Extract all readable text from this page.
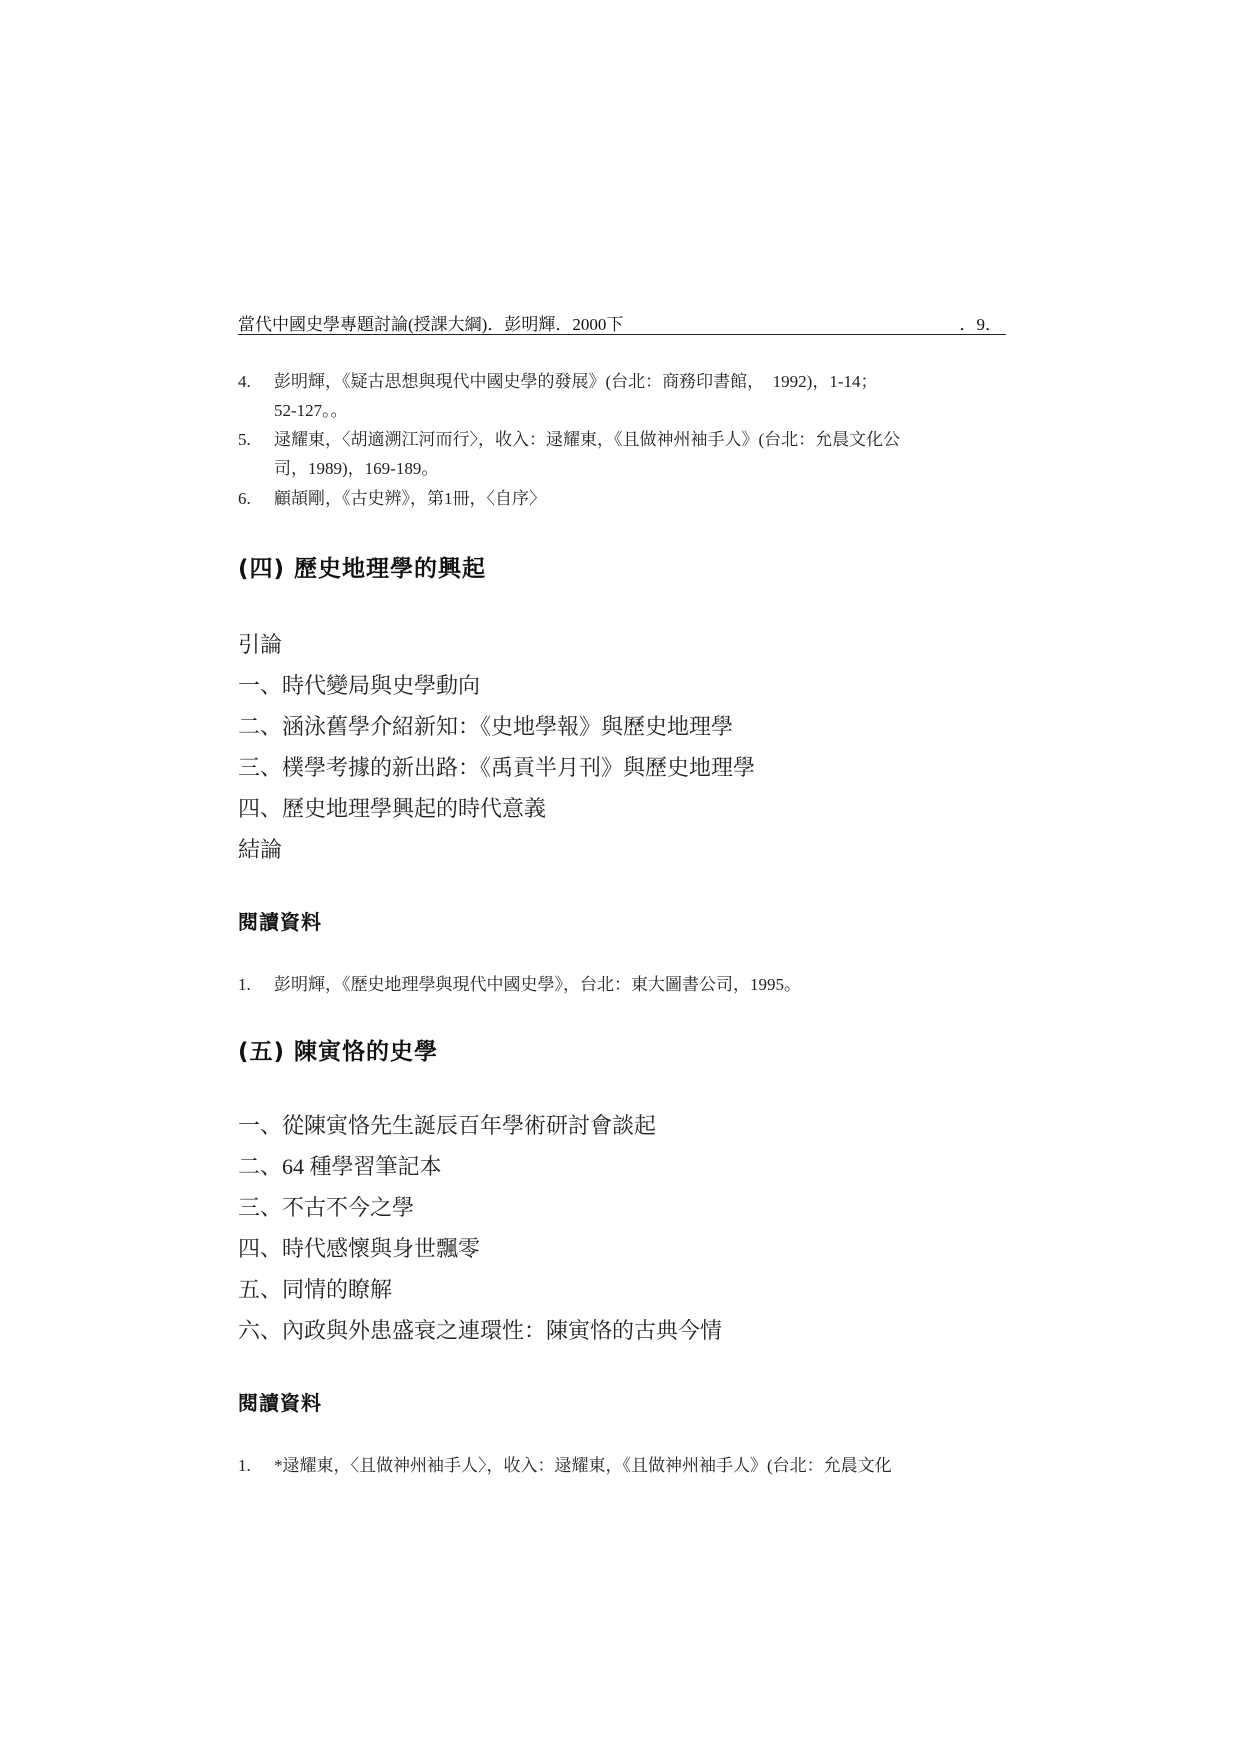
當代中國史學專題討論(授課大綱)．彭明輝．2000下	．9．
4.	彭明輝，《疑古思想與現代中國史學的發展》(台北：商務印書館，　1992)，1-14；
52-127。。
5.	逯耀東，〈胡適溯江河而行〉，收入：逯耀東，《且做神州袖手人》(台北：允晨文化公
司，1989)，169-189。
6.	顧頡剛，《古史辨》，第1冊，〈自序〉
(四) 歷史地理學的興起
引論
一、時代變局與史學動向
二、涵泳舊學介紹新知：《史地學報》與歷史地理學
三、樸學考據的新出路：《禹貢半月刊》與歷史地理學
四、歷史地理學興起的時代意義
結論
閱讀資料
1.	彭明輝，《歷史地理學與現代中國史學》，台北：東大圖書公司，1995。
(五) 陳寅恪的史學
一、從陳寅恪先生誕辰百年學術研討會談起
二、64 種學習筆記本
三、不古不今之學
四、時代感懷與身世飄零
五、同情的瞭解
六、內政與外患盛衰之連環性：陳寅恪的古典今情
閱讀資料
1.	*逯耀東，〈且做神州袖手人〉，收入：逯耀東，《且做神州袖手人》(台北：允晨文化
